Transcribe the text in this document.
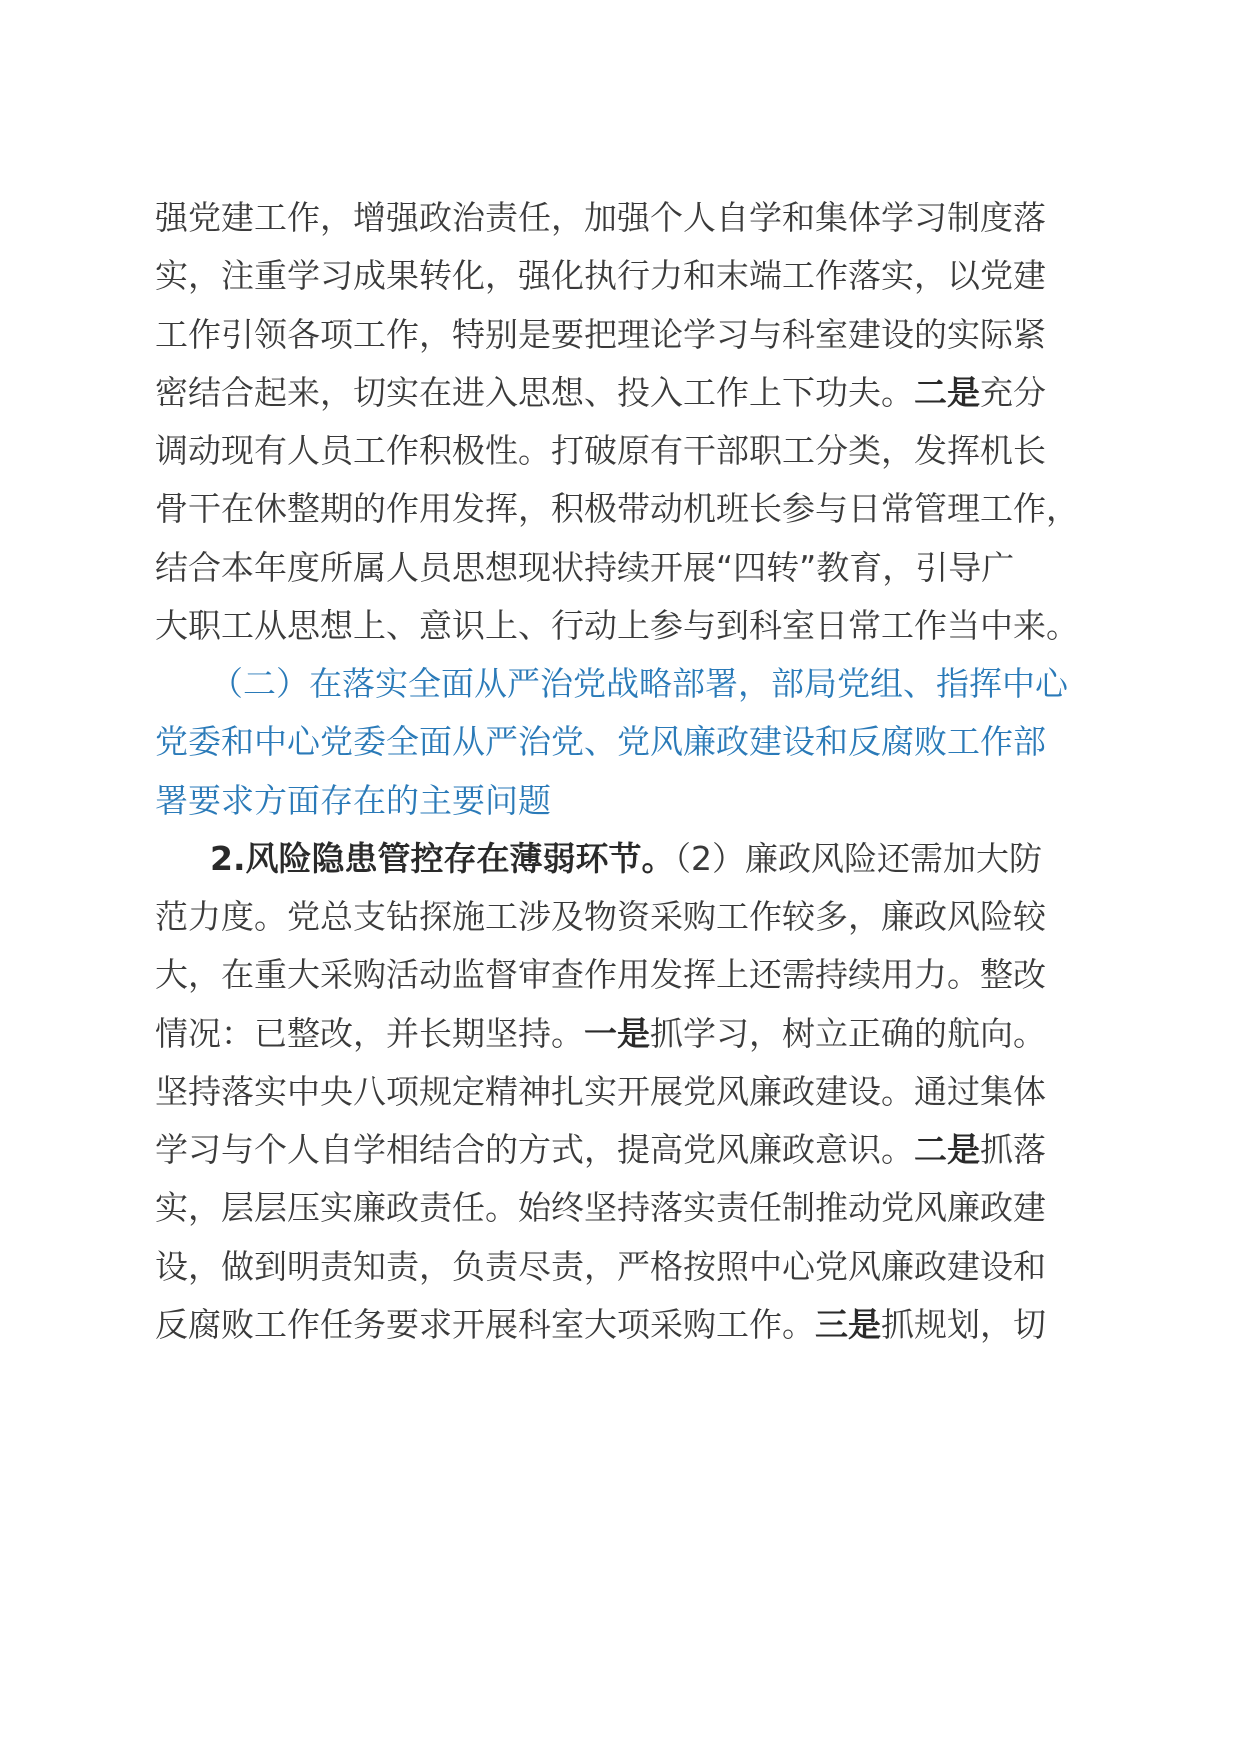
强党建工作，增强政治责任，加强个人自学和集体学习制度落
实，注重学习成果转化，强化执行力和末端工作落实，以党建
工作引领各项工作，特别是要把理论学习与科室建设的实际紧
密结合起来，切实在进入思想、投入工作上下功夫。二是充分
调动现有人员工作积极性。打破原有干部职工分类，发挥机长
骨干在休整期的作用发挥，积极带动机班长参与日常管理工作，
结合本年度所属人员思想现状持续开展“四转”教育，引导广
大职工从思想上、意识上、行动上参与到科室日常工作当中来。
（二）在落实全面从严治党战略部署，部局党组、指挥中心
党委和中心党委全面从严治党、党风廉政建设和反腐败工作部
署要求方面存在的主要问题
2.风险隐患管控存在薄弱环节。（2）廉政风险还需加大防
范力度。党总支钻探施工涉及物资采购工作较多，廉政风险较
大，在重大采购活动监督审查作用发挥上还需持续用力。整改
情况：已整改，并长期坚持。一是抓学习，树立正确的航向。
坚持落实中央八项规定精神扎实开展党风廉政建设。通过集体
学习与个人自学相结合的方式，提高党风廉政意识。二是抓落
实，层层压实廉政责任。始终坚持落实责任制推动党风廉政建
设，做到明责知责，负责尽责，严格按照中心党风廉政建设和
反腐败工作任务要求开展科室大项采购工作。三是抓规划，切
